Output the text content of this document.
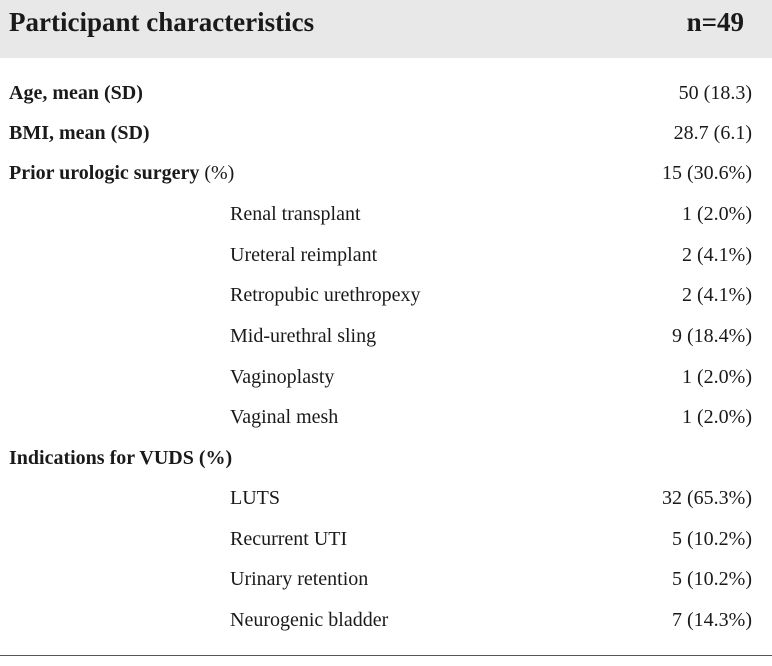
Participant characteristics	n=49
Age, mean (SD)	50 (18.3)
BMI, mean (SD)	28.7 (6.1)
Prior urologic surgery (%)	15 (30.6%)
Renal transplant	1 (2.0%)
Ureteral reimplant	2 (4.1%)
Retropubic urethropexy	2 (4.1%)
Mid-urethral sling	9 (18.4%)
Vaginoplasty	1 (2.0%)
Vaginal mesh	1 (2.0%)
Indications for VUDS (%)
LUTS	32 (65.3%)
Recurrent UTI	5 (10.2%)
Urinary retention	5 (10.2%)
Neurogenic bladder	7 (14.3%)
